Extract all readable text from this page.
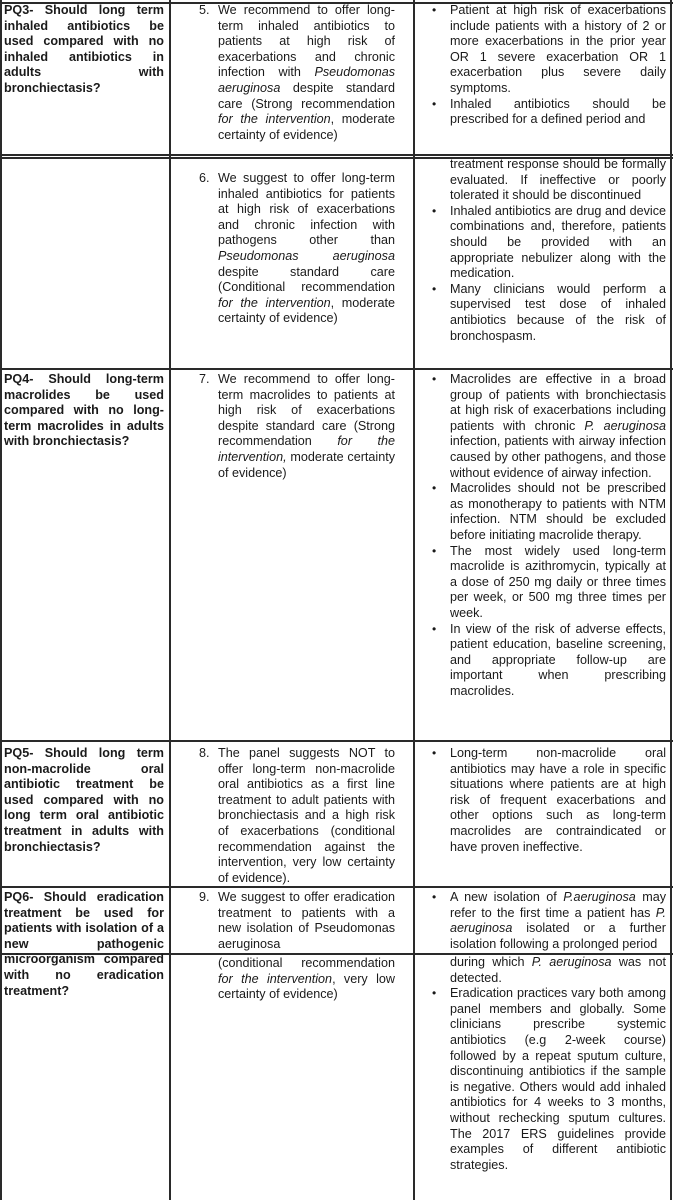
PQ3- Should long term inhaled antibiotics be used compared with no inhaled antibiotics in adults with bronchiectasis?
5. We recommend to offer long-term inhaled antibiotics to patients at high risk of exacerbations and chronic infection with Pseudomonas aeruginosa despite standard care (Strong recommendation for the intervention, moderate certainty of evidence)
• Patient at high risk of exacerbations include patients with a history of 2 or more exacerbations in the prior year OR 1 severe exacerbation OR 1 exacerbation plus severe daily symptoms.
• Inhaled antibiotics should be prescribed for a defined period and
6. We suggest to offer long-term inhaled antibiotics for patients at high risk of exacerbations and chronic infection with pathogens other than Pseudomonas aeruginosa despite standard care (Conditional recommendation for the intervention, moderate certainty of evidence)
treatment response should be formally evaluated. If ineffective or poorly tolerated it should be discontinued
• Inhaled antibiotics are drug and device combinations and, therefore, patients should be provided with an appropriate nebulizer along with the medication.
• Many clinicians would perform a supervised test dose of inhaled antibiotics because of the risk of bronchospasm.
PQ4- Should long-term macrolides be used compared with no long-term macrolides in adults with bronchiectasis?
7. We recommend to offer long-term macrolides to patients at high risk of exacerbations despite standard care (Strong recommendation for the intervention, moderate certainty of evidence)
• Macrolides are effective in a broad group of patients with bronchiectasis at high risk of exacerbations including patients with chronic P. aeruginosa infection, patients with airway infection caused by other pathogens, and those without evidence of airway infection.
• Macrolides should not be prescribed as monotherapy to patients with NTM infection. NTM should be excluded before initiating macrolide therapy.
• The most widely used long-term macrolide is azithromycin, typically at a dose of 250 mg daily or three times per week, or 500 mg three times per week.
• In view of the risk of adverse effects, patient education, baseline screening, and appropriate follow-up are important when prescribing macrolides.
PQ5- Should long term non-macrolide oral antibiotic treatment be used compared with no long term oral antibiotic treatment in adults with bronchiectasis?
8. The panel suggests NOT to offer long-term non-macrolide oral antibiotics as a first line treatment to adult patients with bronchiectasis and a high risk of exacerbations (conditional recommendation against the intervention, very low certainty of evidence).
• Long-term non-macrolide oral antibiotics may have a role in specific situations where patients are at high risk of frequent exacerbations and other options such as long-term macrolides are contraindicated or have proven ineffective.
PQ6- Should eradication treatment be used for patients with isolation of a new pathogenic microorganism compared with no eradication treatment?
9. We suggest to offer eradication treatment to patients with a new isolation of Pseudomonas aeruginosa
(conditional recommendation for the intervention, very low certainty of evidence)
• A new isolation of P.aeruginosa may refer to the first time a patient has P. aeruginosa isolated or a further isolation following a prolonged period
during which P. aeruginosa was not detected.
• Eradication practices vary both among panel members and globally. Some clinicians prescribe systemic antibiotics (e.g 2-week course) followed by a repeat sputum culture, discontinuing antibiotics if the sample is negative. Others would add inhaled antibiotics for 4 weeks to 3 months, without rechecking sputum cultures. The 2017 ERS guidelines provide examples of different antibiotic strategies.
